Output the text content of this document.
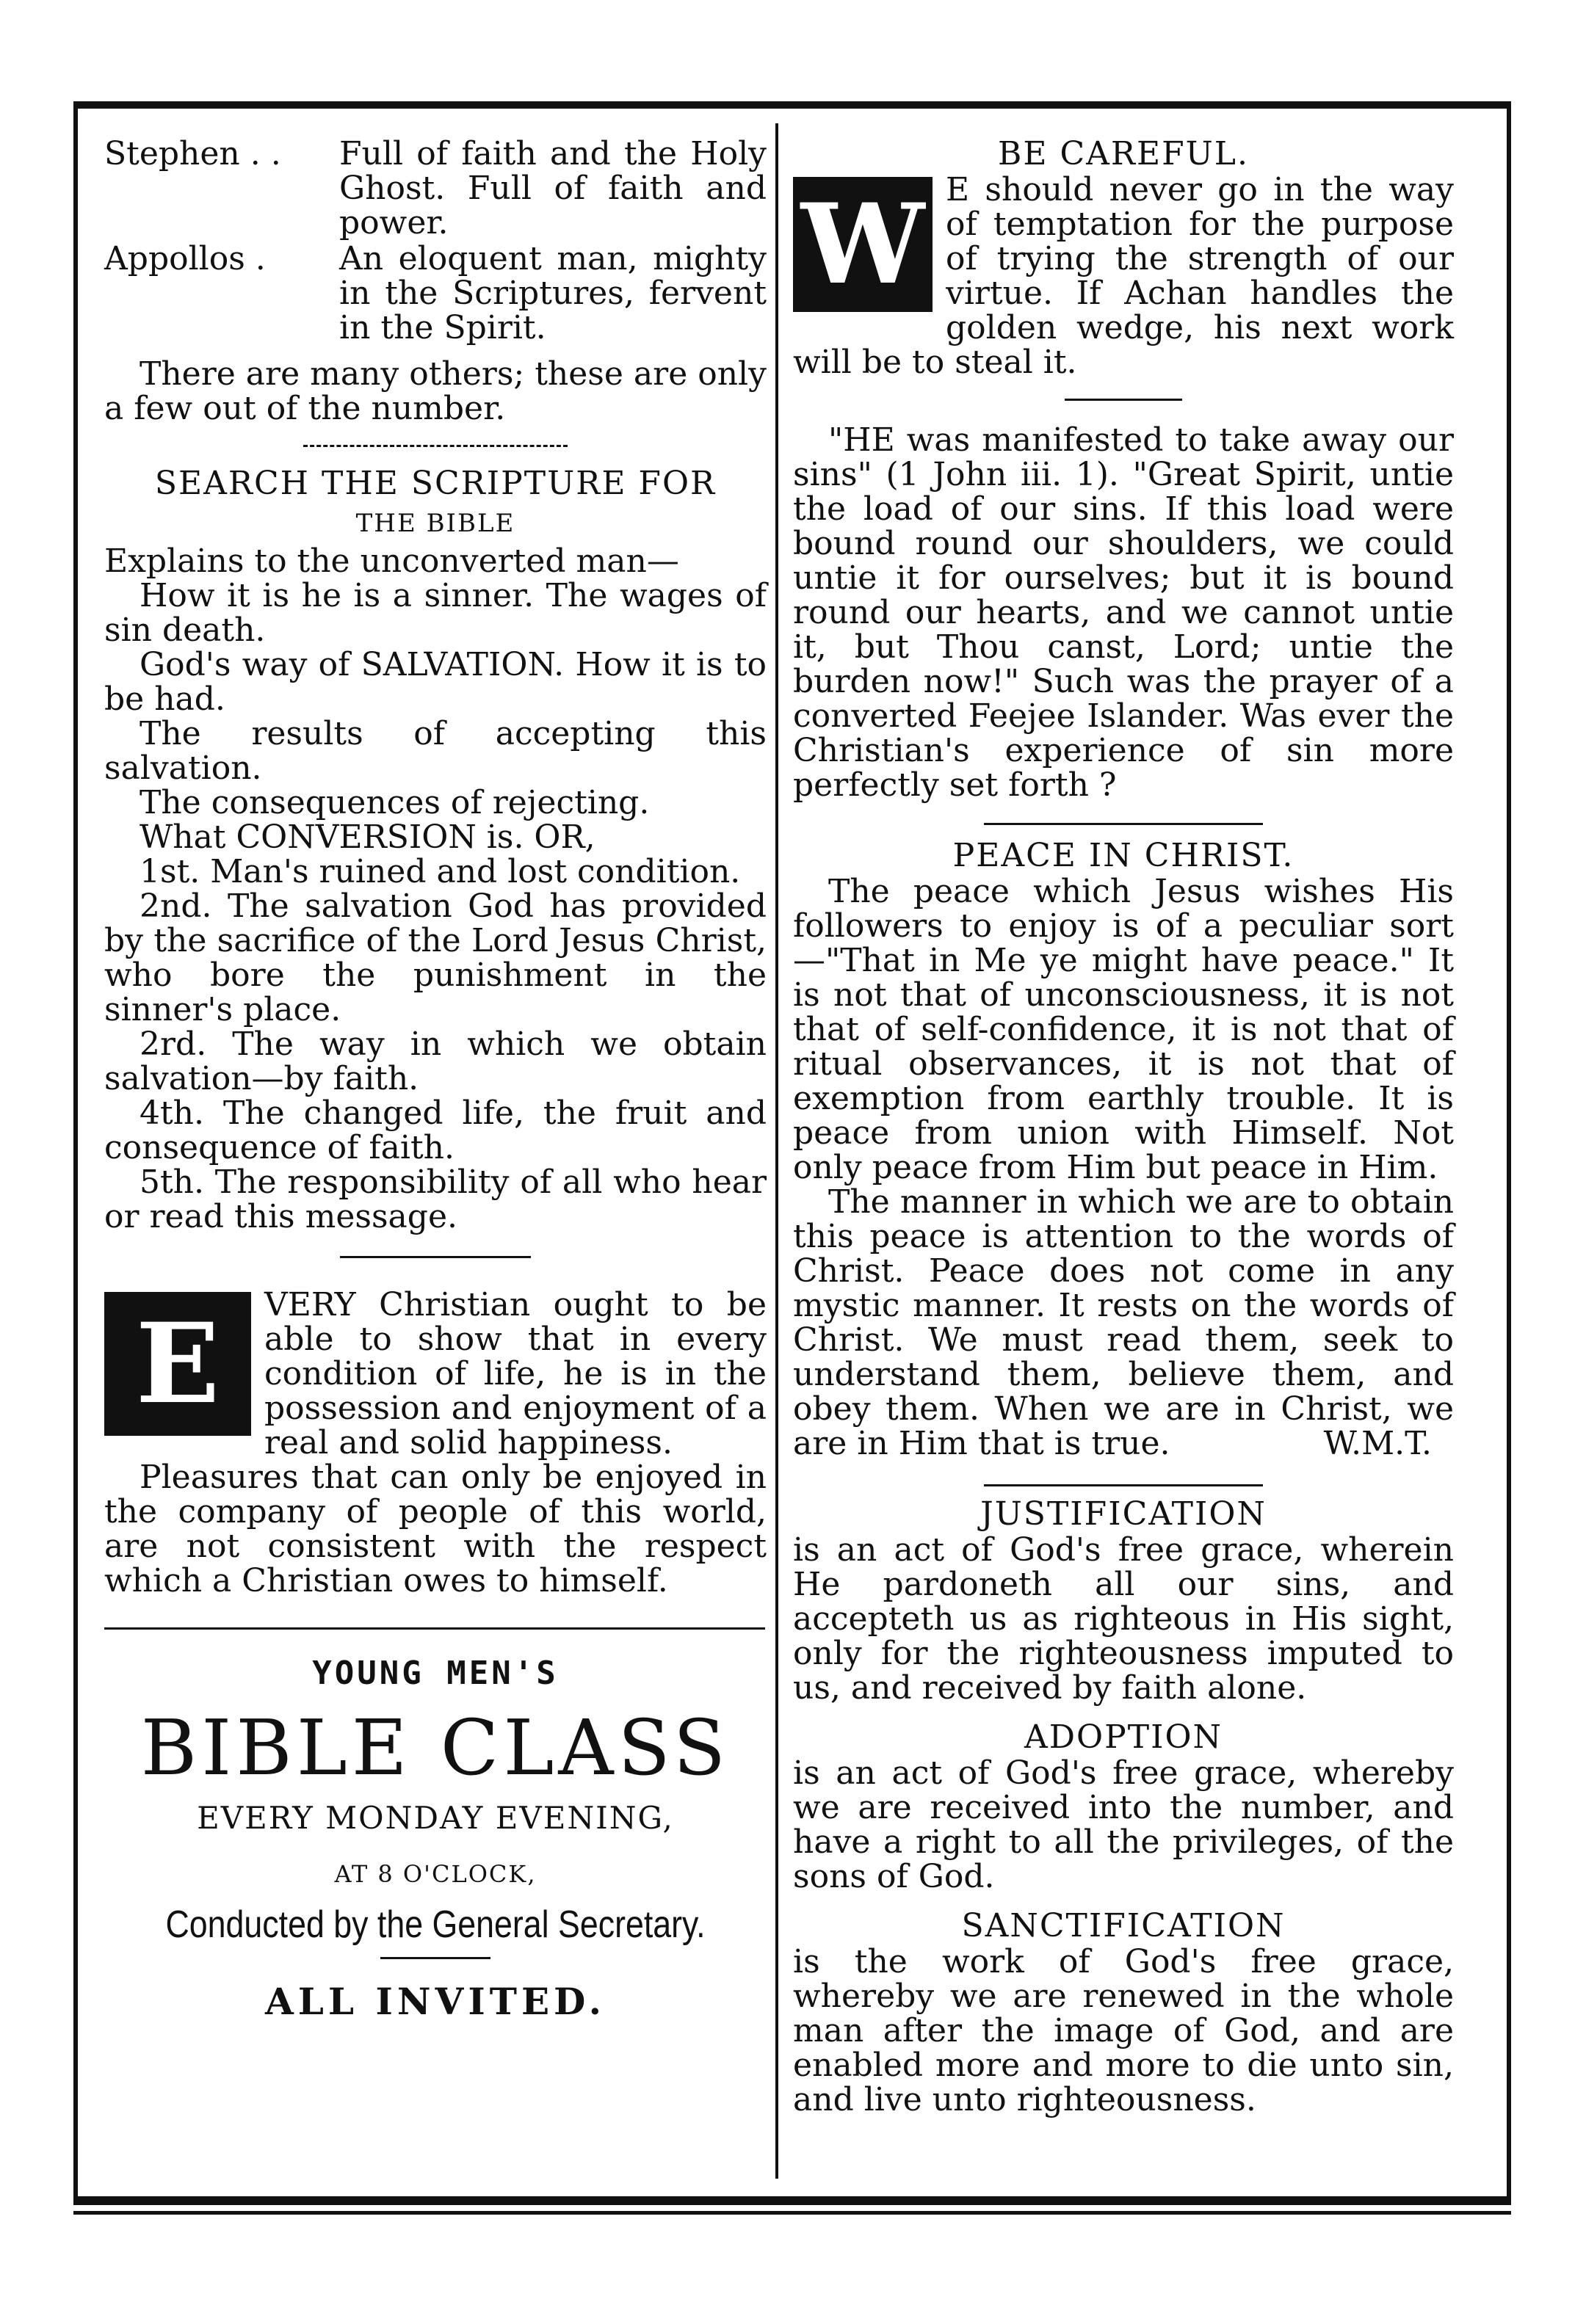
Stephen . .	Full of faith and the Holy Ghost. Full of faith and power.
Appollos .	An eloquent man, mighty in the Scriptures, fervent in the Spirit.

There are many others; these are only a few out of the number.

SEARCH THE SCRIPTURE FOR
THE BIBLE

Explains to the unconverted man—

How it is he is a sinner. The wages of sin death.

God's way of SALVATION. How it is to be had.

The results of accepting this salvation.

The consequences of rejecting.

What CONVERSION is. OR,

1st. Man's ruined and lost condition.

2nd. The salvation God has provided by the sacrifice of the Lord Jesus Christ, who bore the punishment in the sinner's place.

2rd. The way in which we obtain salvation—by faith.

4th. The changed life, the fruit and consequence of faith.

5th. The responsibility of all who hear or read this message.

E	VERY Christian ought to be able to show that in every condition of life, he is in the possession and enjoyment of a real and solid happiness.

Pleasures that can only be enjoyed in the company of people of this world, are not consistent with the respect which a Christian owes to himself.

YOUNG MEN'S
BIBLE CLASS
EVERY MONDAY EVENING,
AT 8 O'CLOCK,
Conducted by the General Secretary.
ALL INVITED.
BE CAREFUL.
W E should never go in the way of temptation for the purpose of trying the strength of our virtue. If Achan handles the golden wedge, his next work will be to steal it.

"HE was manifested to take away our sins" (1 John iii. 1). "Great Spirit, untie the load of our sins. If this load were bound round our shoulders, we could untie it for ourselves; but it is bound round our hearts, and we cannot untie it, but Thou canst, Lord; untie the burden now!" Such was the prayer of a converted Feejee Islander. Was ever the Christian's experience of sin more perfectly set forth ?

PEACE IN CHRIST.

The peace which Jesus wishes His followers to enjoy is of a peculiar sort —"That in Me ye might have peace." It is not that of unconsciousness, it is not that of self-confidence, it is not that of ritual observances, it is not that of exemption from earthly trouble. It is peace from union with Himself. Not only peace from Him but peace in Him.

The manner in which we are to obtain this peace is attention to the words of Christ. Peace does not come in any mystic manner. It rests on the words of Christ. We must read them, seek to understand them, believe them, and obey them. When we are in Christ, we are in Him that is true.	W.M.T.

JUSTIFICATION

is an act of God's free grace, wherein He pardoneth all our sins, and accepteth us as righteous in His sight, only for the righteousness imputed to us, and received by faith alone.

ADOPTION

is an act of God's free grace, whereby we are received into the number, and have a right to all the privileges, of the sons of God.

SANCTIFICATION

is the work of God's free grace, whereby we are renewed in the whole man after the image of God, and are enabled more and more to die unto sin, and live unto righteousness.
